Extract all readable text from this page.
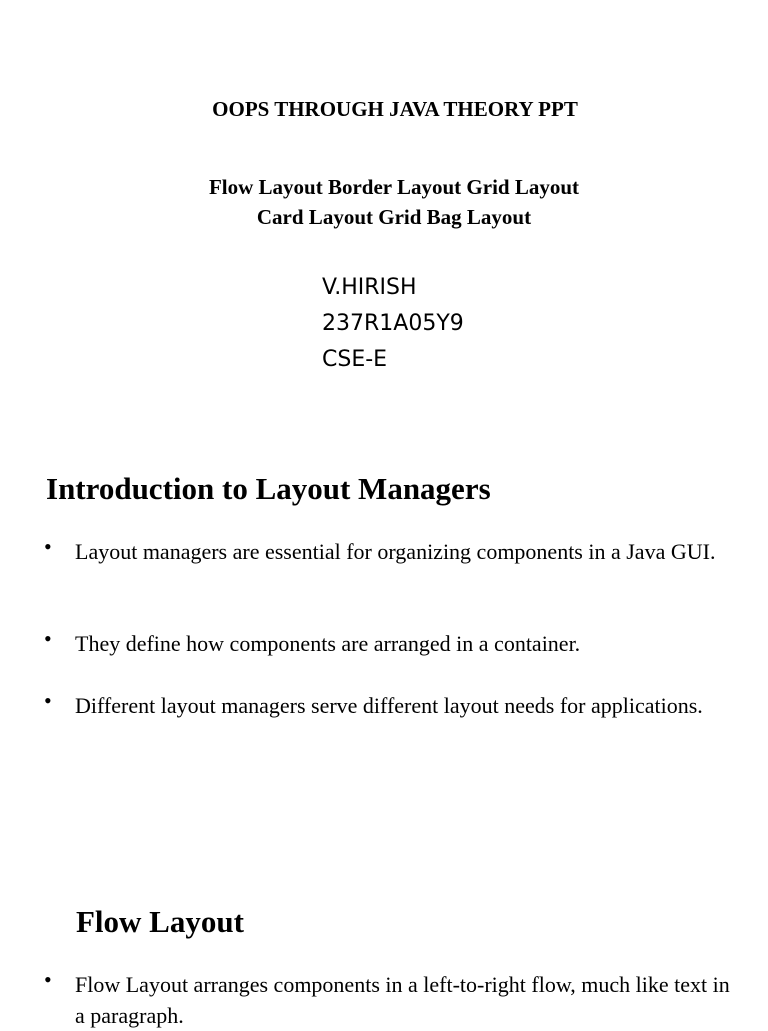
OOPS THROUGH JAVA THEORY PPT
Flow Layout Border Layout Grid Layout
Card Layout Grid Bag Layout
V.HIRISH
237R1A05Y9
CSE-E
Introduction to Layout Managers
• Layout managers are essential for organizing components in a Java GUI.
• They define how components are arranged in a container.
• Different layout managers serve different layout needs for applications.
Flow Layout
• Flow Layout arranges components in a left-to-right flow, much like text in a paragraph.
